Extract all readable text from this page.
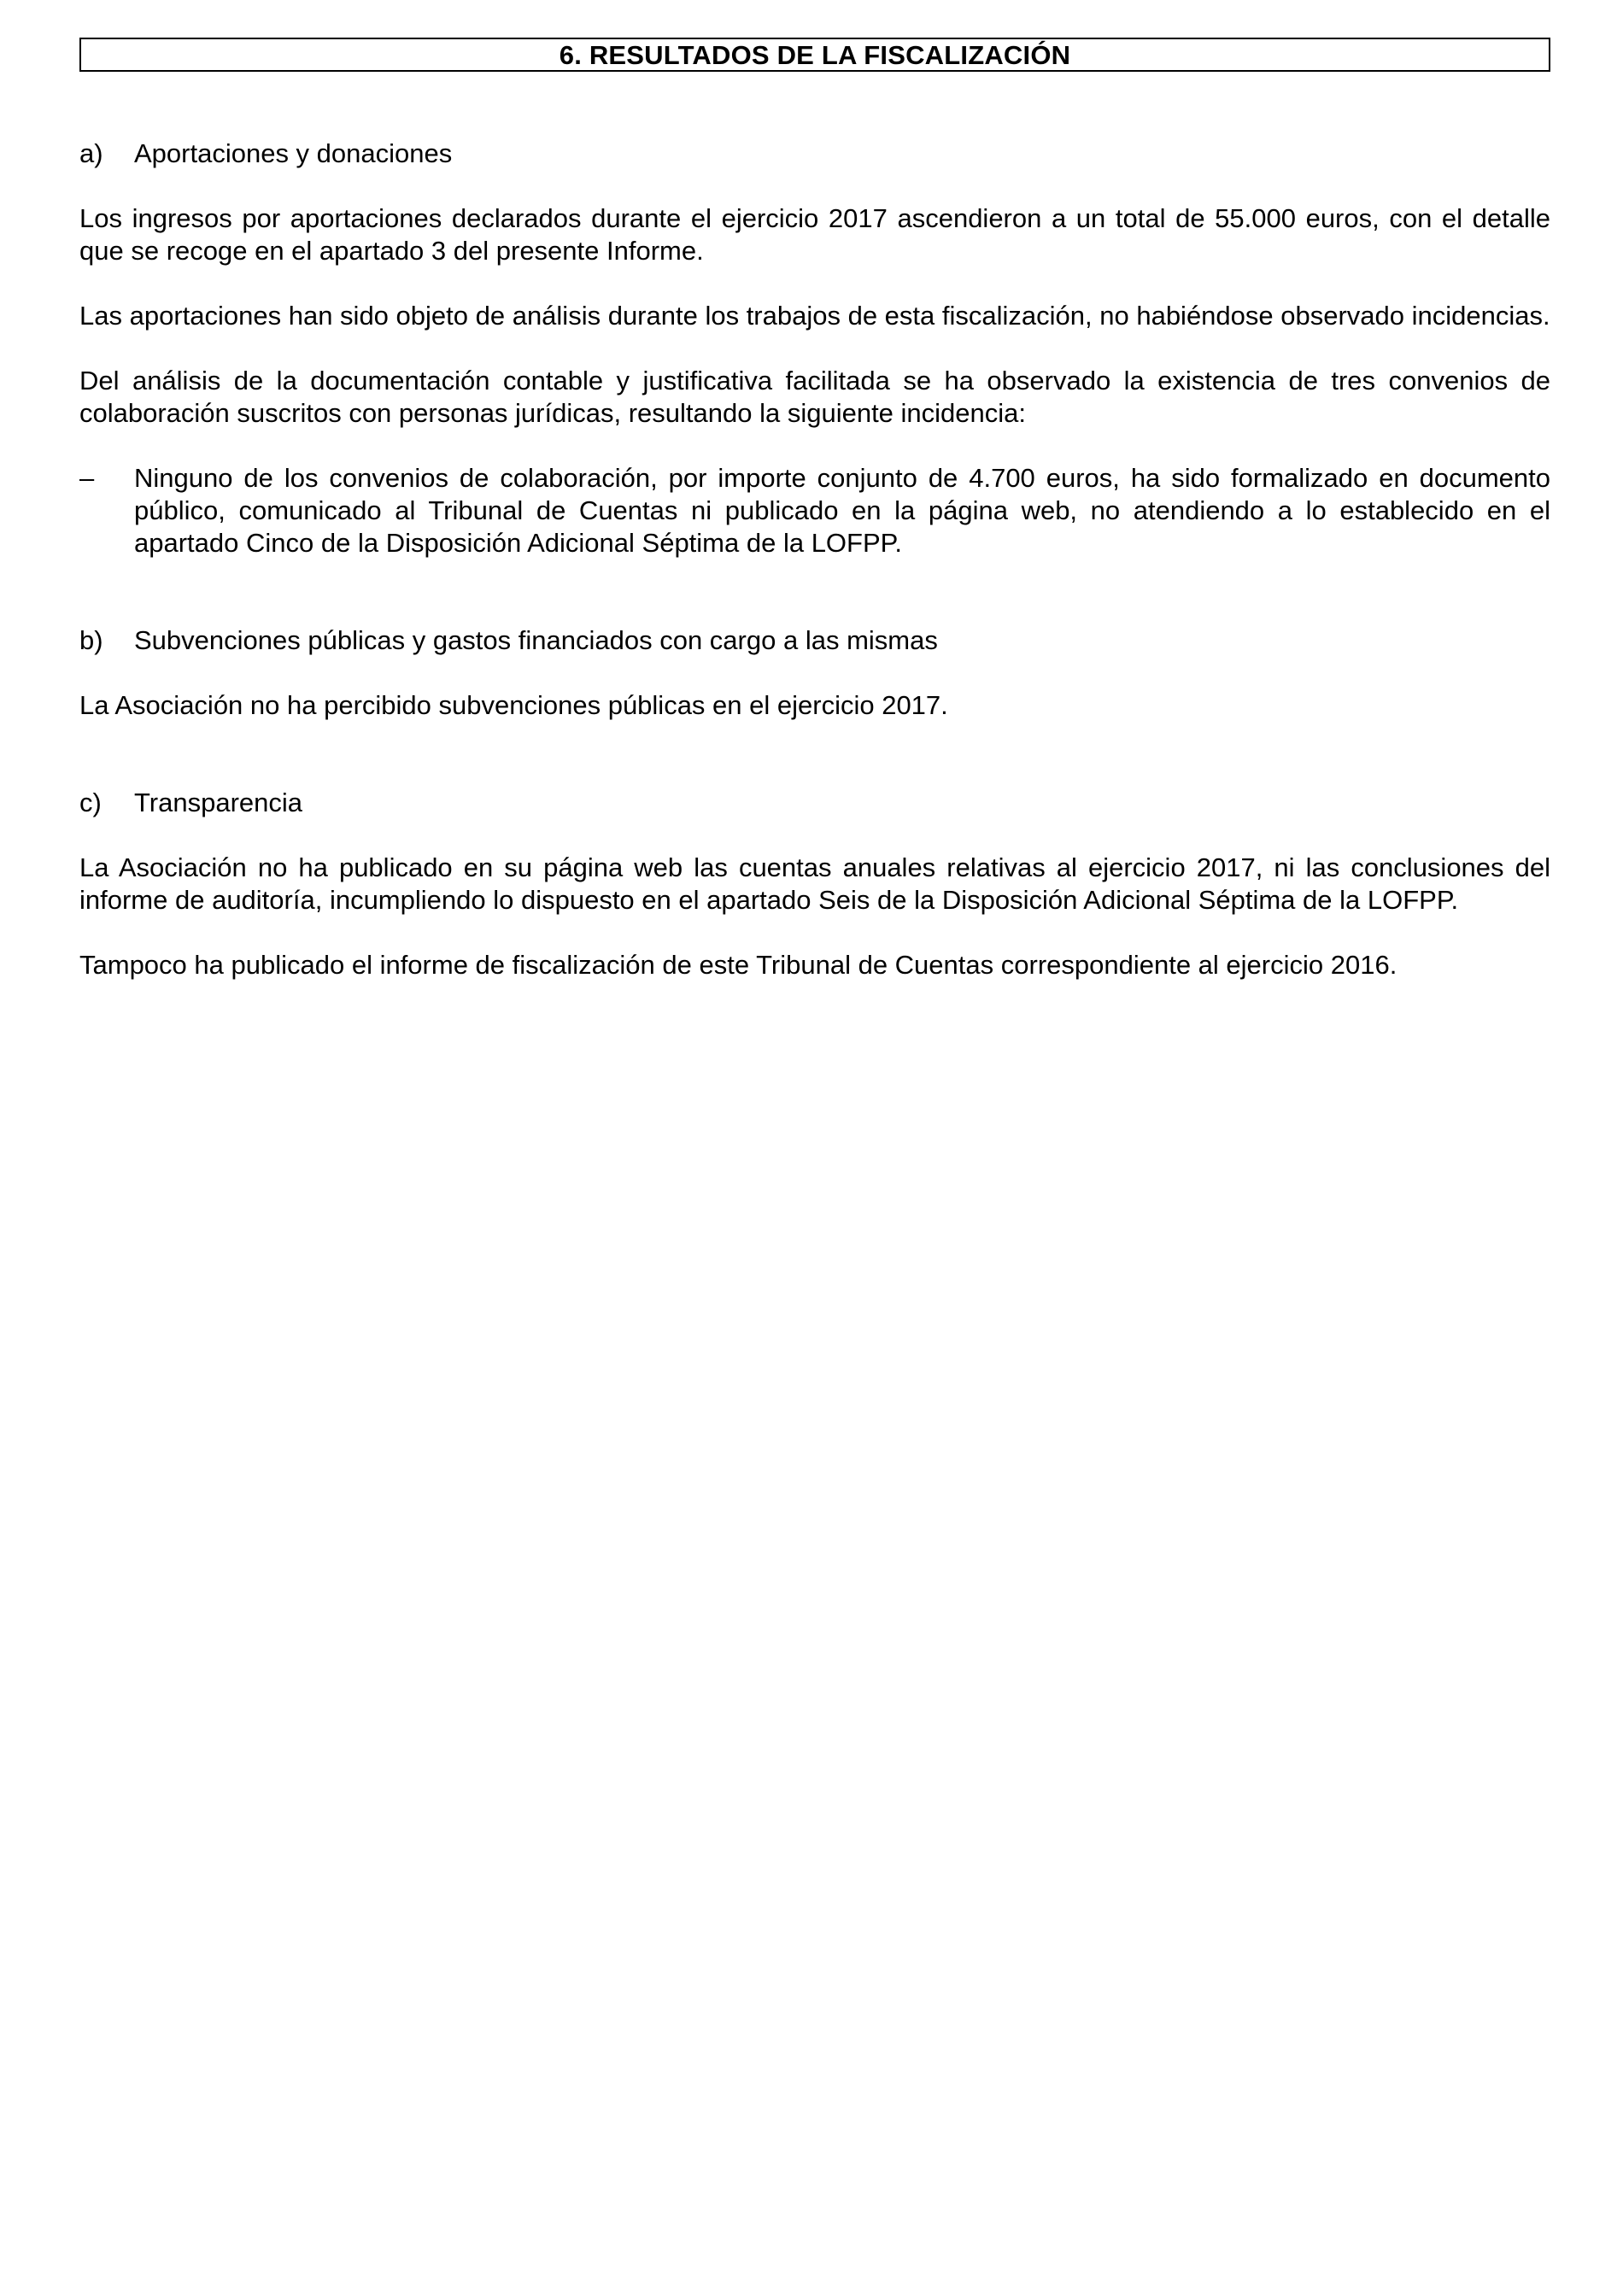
6. RESULTADOS DE LA FISCALIZACIÓN
a)	Aportaciones y donaciones

Los ingresos por aportaciones declarados durante el ejercicio 2017 ascendieron a un total de 55.000 euros, con el detalle que se recoge en el apartado 3 del presente Informe.

Las aportaciones han sido objeto de análisis durante los trabajos de esta fiscalización, no habiéndose observado incidencias.

Del análisis de la documentación contable y justificativa facilitada se ha observado la existencia de tres convenios de colaboración suscritos con personas jurídicas, resultando la siguiente incidencia:

–	Ninguno de los convenios de colaboración, por importe conjunto de 4.700 euros, ha sido formalizado en documento público, comunicado al Tribunal de Cuentas ni publicado en la página web, no atendiendo a lo establecido en el apartado Cinco de la Disposición Adicional Séptima de la LOFPP.
b)	Subvenciones públicas y gastos financiados con cargo a las mismas

La Asociación no ha percibido subvenciones públicas en el ejercicio 2017.

c)	Transparencia

La Asociación no ha publicado en su página web las cuentas anuales relativas al ejercicio 2017, ni las conclusiones del informe de auditoría, incumpliendo lo dispuesto en el apartado Seis de la Disposición Adicional Séptima de la LOFPP.

Tampoco ha publicado el informe de fiscalización de este Tribunal de Cuentas correspondiente al ejercicio 2016.
